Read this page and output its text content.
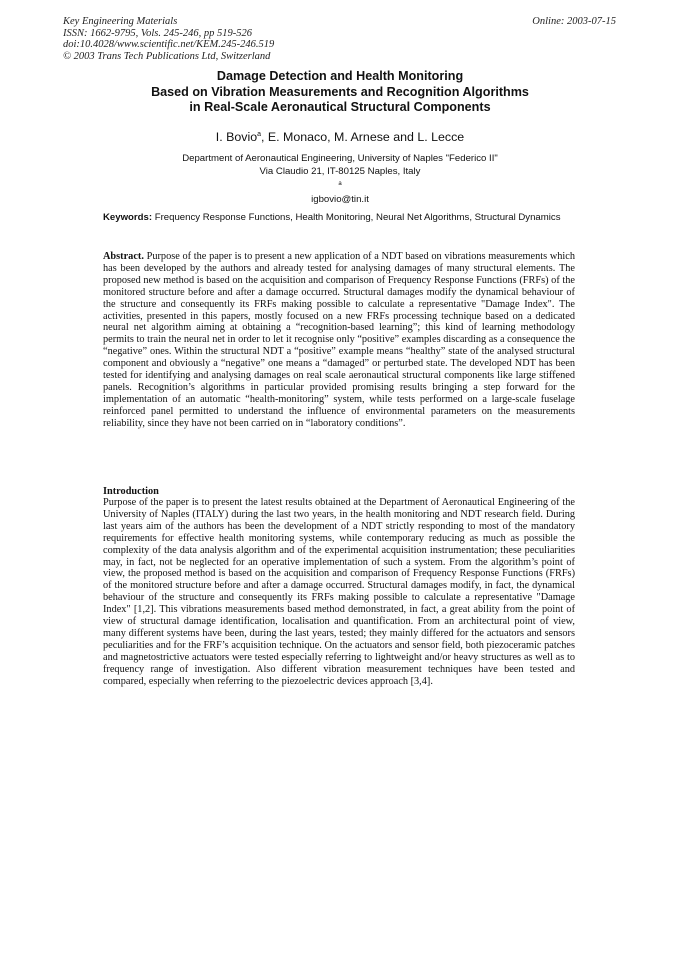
Key Engineering Materials
ISSN: 1662-9795, Vols. 245-246, pp 519-526
doi:10.4028/www.scientific.net/KEM.245-246.519
© 2003 Trans Tech Publications Ltd, Switzerland
Online: 2003-07-15
Damage Detection and Health Monitoring
Based on Vibration Measurements and Recognition Algorithms
in Real-Scale Aeronautical Structural Components
I. Bovio$^a$, E. Monaco, M. Arnese and L. Lecce
Department of Aeronautical Engineering, University of Naples "Federico II"
Via Claudio 21, IT-80125 Naples, Italy
$^a$
igbovio@tin.it
Keywords: Frequency Response Functions, Health Monitoring, Neural Net Algorithms, Structural Dynamics
Abstract. Purpose of the paper is to present a new application of a NDT based on vibrations measurements which has been developed by the authors and already tested for analysing damages of many structural elements. The proposed new method is based on the acquisition and comparison of Frequency Response Functions (FRFs) of the monitored structure before and after a damage occurred. Structural damages modify the dynamical behaviour of the structure and consequently its FRFs making possible to calculate a representative "Damage Index". The activities, presented in this papers, mostly focused on a new FRFs processing technique based on a dedicated neural net algorithm aiming at obtaining a “recognition-based learning”; this kind of learning methodology permits to train the neural net in order to let it recognise only “positive” examples discarding as a consequence the “negative” ones. Within the structural NDT a “positive” example means “healthy” state of the analysed structural component and obviously a “negative” one means a “damaged” or perturbed state. The developed NDT has been tested for identifying and analysing damages on real scale aeronautical structural components like large stiffened panels. Recognition’s algorithms in particular provided promising results bringing a step forward for the implementation of an automatic “health-monitoring” system, while tests performed on a large-scale fuselage reinforced panel permitted to understand the influence of environmental parameters on the measurements reliability, since they have not been carried on in “laboratory conditions”.
Introduction
Purpose of the paper is to present the latest results obtained at the Department of Aeronautical Engineering of the University of Naples (ITALY) during the last two years, in the health monitoring and NDT research field. During last years aim of the authors has been the development of a NDT strictly responding to most of the mandatory requirements for effective health monitoring systems, while contemporary reducing as much as possible the complexity of the data analysis algorithm and of the experimental acquisition instrumentation; these peculiarities may, in fact, not be neglected for an operative implementation of such a system. From the algorithm’s point of view, the proposed method is based on the acquisition and comparison of Frequency Response Functions (FRFs) of the monitored structure before and after a damage occurred. Structural damages modify, in fact, the dynamical behaviour of the structure and consequently its FRFs making possible to calculate a representative "Damage Index" [1,2]. This vibrations measurements based method demonstrated, in fact, a great ability from the point of view of structural damage identification, localisation and quantification. From an architectural point of view, many different systems have been, during the last years, tested; they mainly differed for the actuators and sensors peculiarities and for the FRF’s acquisition technique. On the actuators and sensor field, both piezoceramic patches and magnetostrictive actuators were tested especially referring to lightweight and/or heavy structures as well as to frequency range of investigation. Also different vibration measurement techniques have been tested and compared, especially when referring to the piezoelectric devices approach [3,4].
